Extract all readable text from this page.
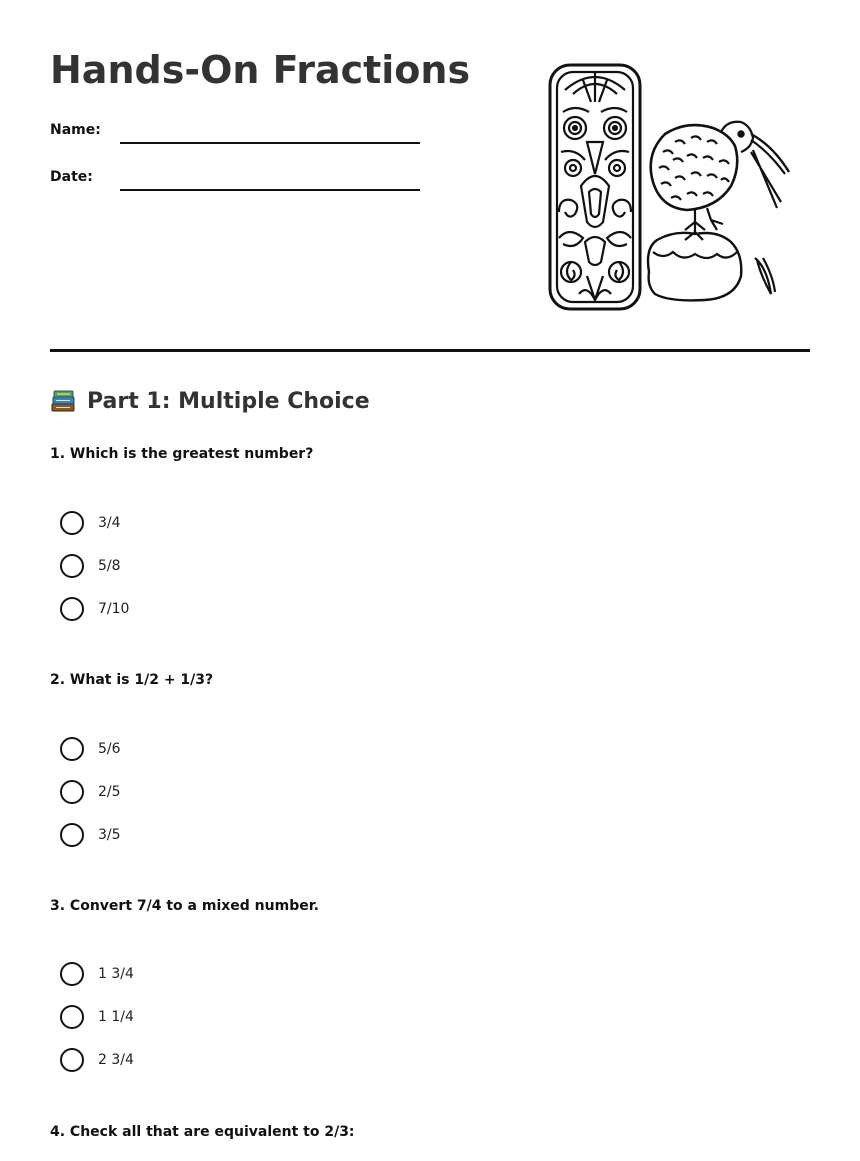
Hands-On Fractions
Name:
Date:
Part 1: Multiple Choice

1. Which is the greatest number?

3/4
5/8
7/10

2. What is 1/2 + 1/3?

5/6
2/5
3/5

3. Convert 7/4 to a mixed number.

1 3/4
1 1/4
2 3/4

4. Check all that are equivalent to 2/3:
